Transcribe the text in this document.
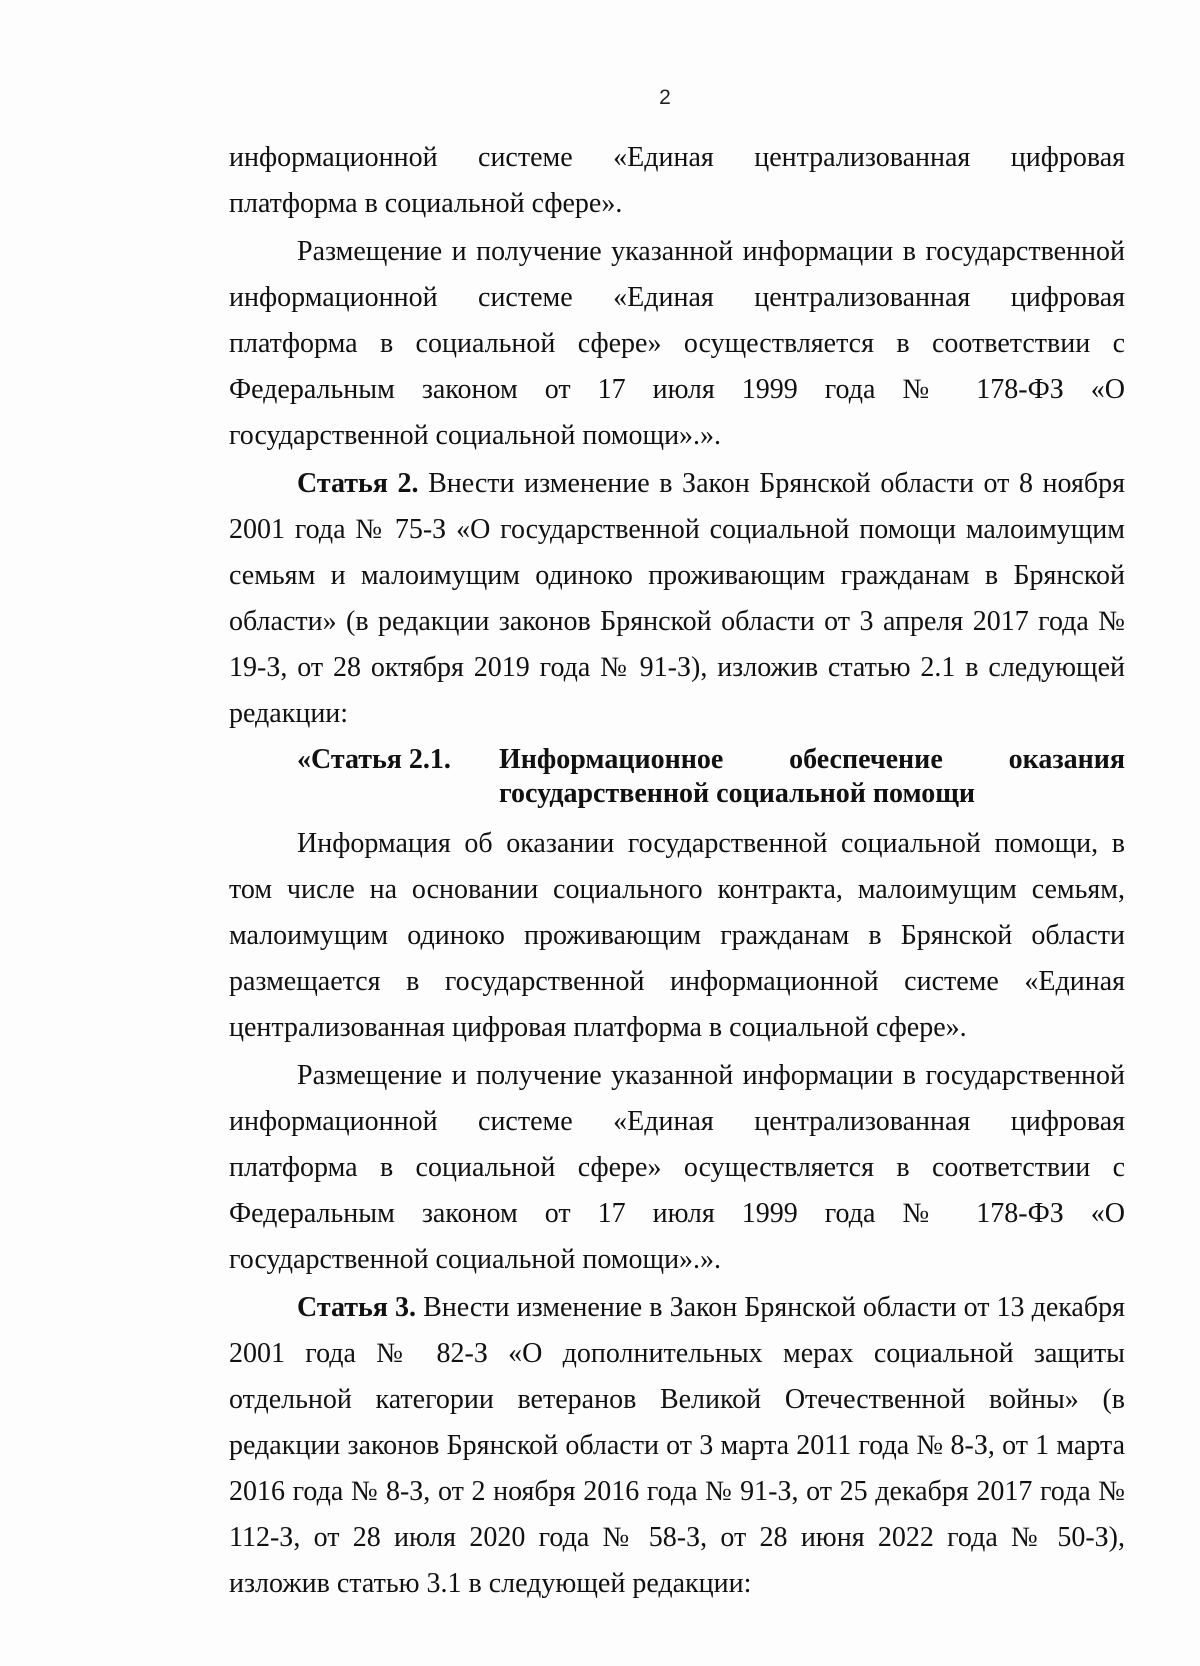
2

информационной системе «Единая централизованная цифровая платформа в социальной сфере».

Размещение и получение указанной информации в государственной информационной системе «Единая централизованная цифровая платформа в социальной сфере» осуществляется в соответствии с Федеральным законом от 17 июля 1999 года № 178-ФЗ «О государственной социальной помощи».».

Статья 2. Внести изменение в Закон Брянской области от 8 ноября 2001 года № 75-З «О государственной социальной помощи малоимущим семьям и малоимущим одиноко проживающим гражданам в Брянской области» (в редакции законов Брянской области от 3 апреля 2017 года № 19-З, от 28 октября 2019 года № 91-З), изложив статью 2.1 в следующей редакции:

«Статья 2.1.	Информационное обеспечение оказания государственной социальной помощи

Информация об оказании государственной социальной помощи, в том числе на основании социального контракта, малоимущим семьям, малоимущим одиноко проживающим гражданам в Брянской области размещается в государственной информационной системе «Единая централизованная цифровая платформа в социальной сфере».

Размещение и получение указанной информации в государственной информационной системе «Единая централизованная цифровая платформа в социальной сфере» осуществляется в соответствии с Федеральным законом от 17 июля 1999 года № 178-ФЗ «О государственной социальной помощи».».

Статья 3. Внести изменение в Закон Брянской области от 13 декабря 2001 года № 82-З «О дополнительных мерах социальной защиты отдельной категории ветеранов Великой Отечественной войны» (в редакции законов Брянской области от 3 марта 2011 года № 8-З, от 1 марта 2016 года № 8-З, от 2 ноября 2016 года № 91-З, от 25 декабря 2017 года № 112-З, от 28 июля 2020 года № 58-З, от 28 июня 2022 года № 50-З), изложив статью 3.1 в следующей редакции:
